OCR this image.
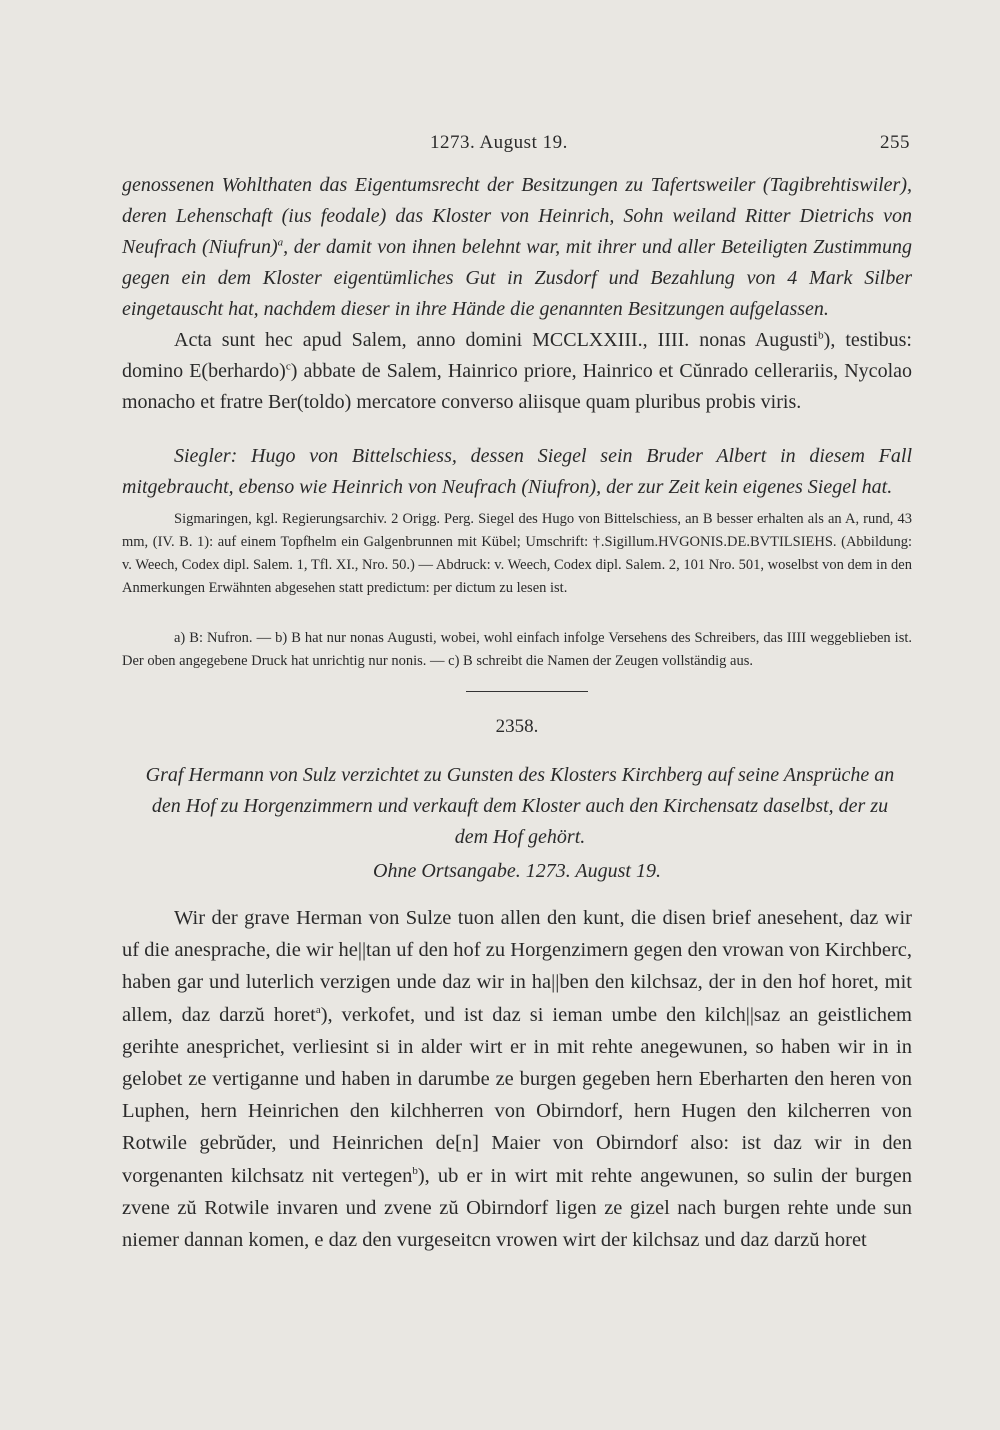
1273. August 19.	255

genossenen Wohlthaten das Eigentumsrecht der Besitzungen zu Tafertsweiler (Tagibrehtiswiler), deren Lehenschaft (ius feodale) das Kloster von Heinrich, Sohn weiland Ritter Dietrichs von Neufrach (Niufrun)$^a$, der damit von ihnen belehnt war, mit ihrer und aller Beteiligten Zustimmung gegen ein dem Kloster eigentümliches Gut in Zusdorf und Bezahlung von 4 Mark Silber eingetauscht hat, nachdem dieser in ihre Hände die genannten Besitzungen aufgelassen.

Acta sunt hec apud Salem, anno domini MCCLXXIII., IIII. nonas Augusti$^b$), testibus: domino E(berhardo)$^c$) abbate de Salem, Hainrico priore, Hainrico et Cŭnrado cellerariis, Nycolao monacho et fratre Ber(toldo) mercatore converso aliisque quam pluribus probis viris.

Siegler: Hugo von Bittelschiess, dessen Siegel sein Bruder Albert in diesem Fall mitgebraucht, ebenso wie Heinrich von Neufrach (Niufron), der zur Zeit kein eigenes Siegel hat.

Sigmaringen, kgl. Regierungsarchiv. 2 Origg. Perg. Siegel des Hugo von Bittelschiess, an B besser erhalten als an A, rund, 43 mm, (IV. B. 1): auf einem Topfhelm ein Galgenbrunnen mit Kübel; Umschrift: †.Sigillum.HVGONIS.DE.BVTILSIEHS. (Abbildung: v. Weech, Codex dipl. Salem. 1, Tfl. XI., Nro. 50.) — Abdruck: v. Weech, Codex dipl. Salem. 2, 101 Nro. 501, woselbst von dem in den Anmerkungen Erwähnten abgesehen statt predictum: per dictum zu lesen ist.

a) B: Nufron. — b) B hat nur nonas Augusti, wobei, wohl einfach infolge Versehens des Schreibers, das IIII weggeblieben ist. Der oben angegebene Druck hat unrichtig nur nonis. — c) B schreibt die Namen der Zeugen vollständig aus.

2358.
Graf Hermann von Sulz verzichtet zu Gunsten des Klosters Kirchberg auf seine Ansprüche an den Hof zu Horgenzimmern und verkauft dem Kloster auch den Kirchensatz daselbst, der zu dem Hof gehört.
Ohne Ortsangabe. 1273. August 19.

Wir der grave Herman von Sulze tuon allen den kunt, die disen brief anesehent, daz wir uf die anesprache, die wir he||tan uf den hof zu Horgenzimern gegen den vrowan von Kirchberc, haben gar und luterlich verzigen unde daz wir in ha||ben den kilchsaz, der in den hof horet, mit allem, daz darzŭ horet$^a$), verkofet, und ist daz si ieman umbe den kilch||saz an geistlichem gerihte anesprichet, verliesint si in alder wirt er in mit rehte anegewunen, so haben wir in in gelobet ze vertiganne und haben in darumbe ze burgen gegeben hern Eberharten den heren von Luphen, hern Heinrichen den kilchherren von Obirndorf, hern Hugen den kilcherren von Rotwile gebrŭder, und Heinrichen de[n] Maier von Obirndorf also: ist daz wir in den vorgenanten kilchsatz nit vertegen$^b$), ub er in wirt mit rehte angewunen, so sulin der burgen zvene zŭ Rotwile invaren und zvene zŭ Obirndorf ligen ze gizel nach burgen rehte unde sun niemer dannan komen, e daz den vurgeseitcn vrowen wirt der kilchsaz und daz darzŭ horet
